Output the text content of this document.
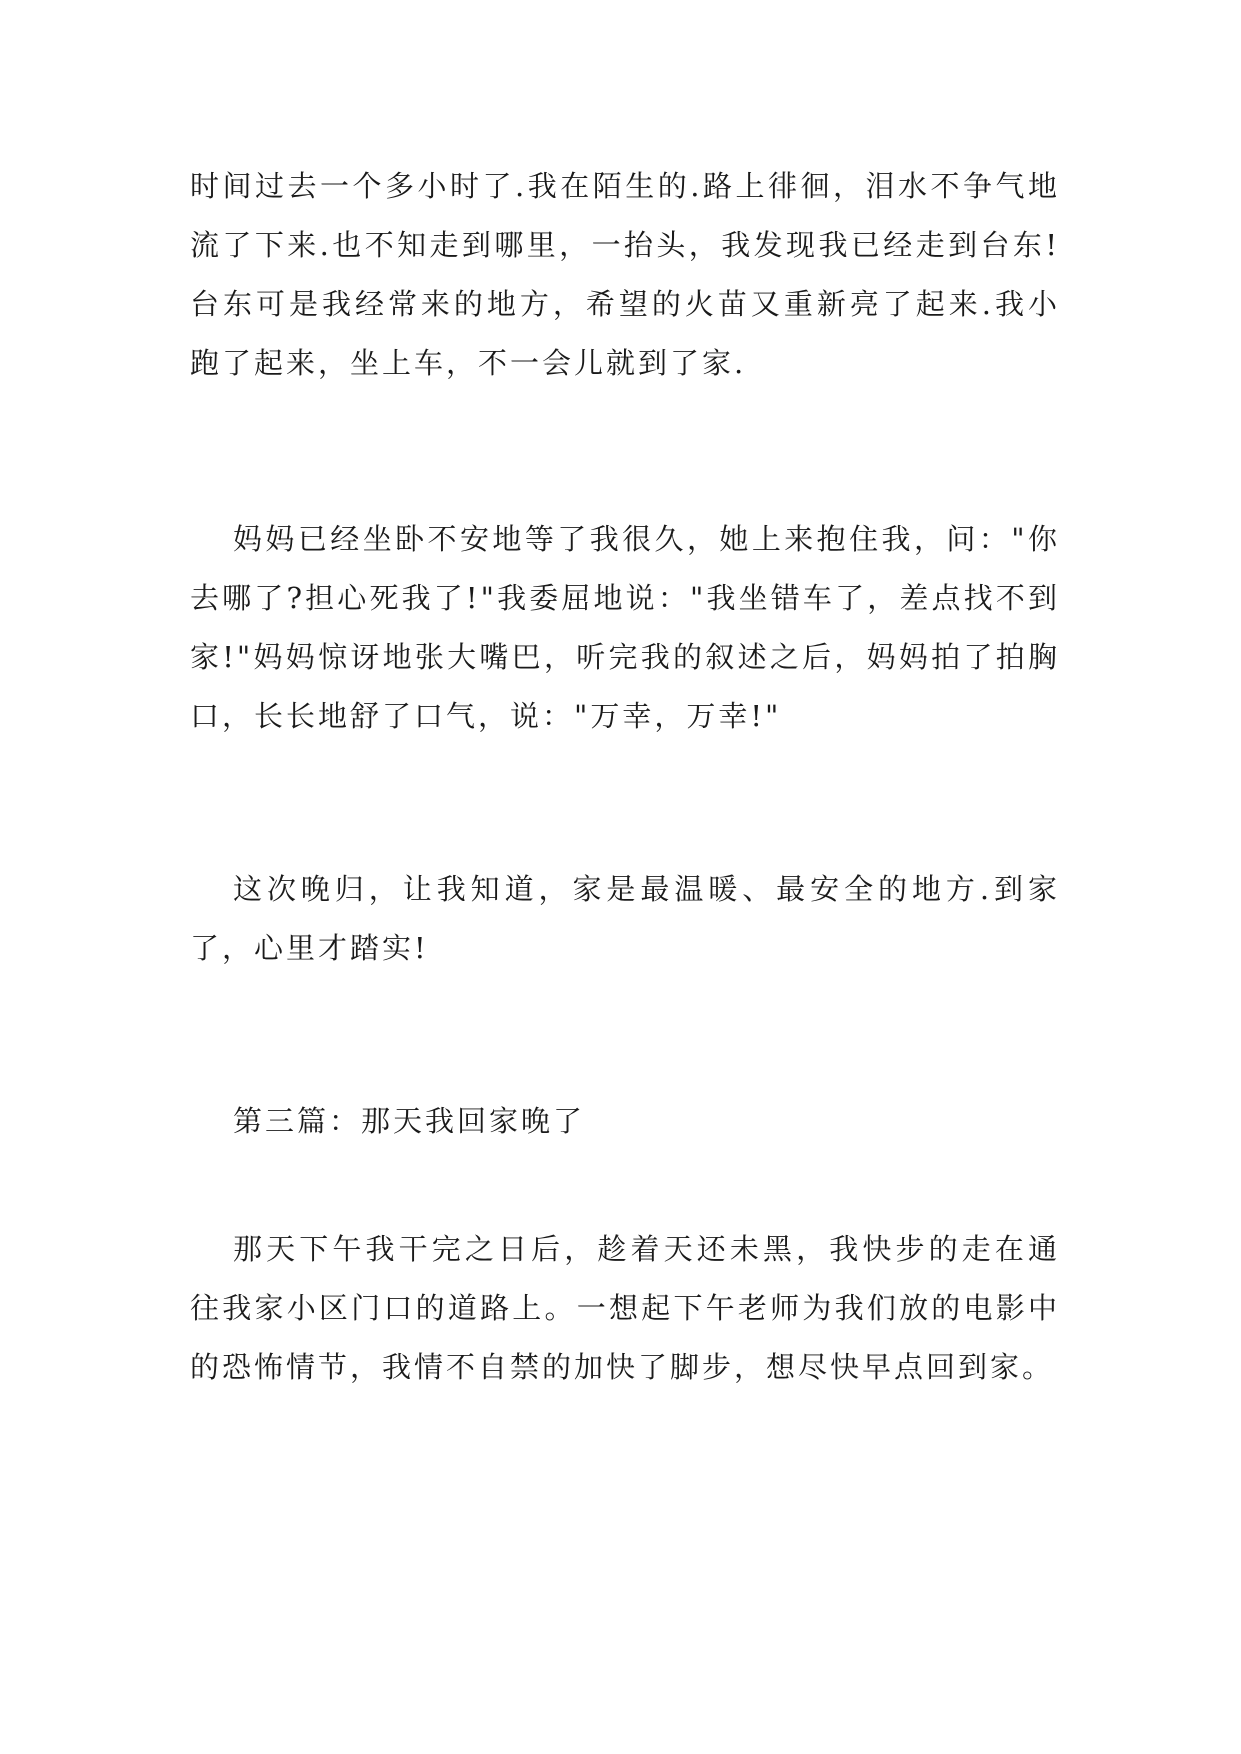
时间过去一个多小时了.我在陌生的.路上徘徊，泪水不争气地流了下来.也不知走到哪里，一抬头，我发现我已经走到台东!台东可是我经常来的地方，希望的火苗又重新亮了起来.我小跑了起来，坐上车，不一会儿就到了家.

妈妈已经坐卧不安地等了我很久，她上来抱住我，问："你去哪了?担心死我了!"我委屈地说："我坐错车了，差点找不到家!"妈妈惊讶地张大嘴巴，听完我的叙述之后，妈妈拍了拍胸口，长长地舒了口气，说："万幸，万幸!"

这次晚归，让我知道，家是最温暖、最安全的地方.到家了，心里才踏实!

第三篇：那天我回家晚了

那天下午我干完之日后，趁着天还未黑，我快步的走在通往我家小区门口的道路上。一想起下午老师为我们放的电影中的恐怖情节，我情不自禁的加快了脚步，想尽快早点回到家。
